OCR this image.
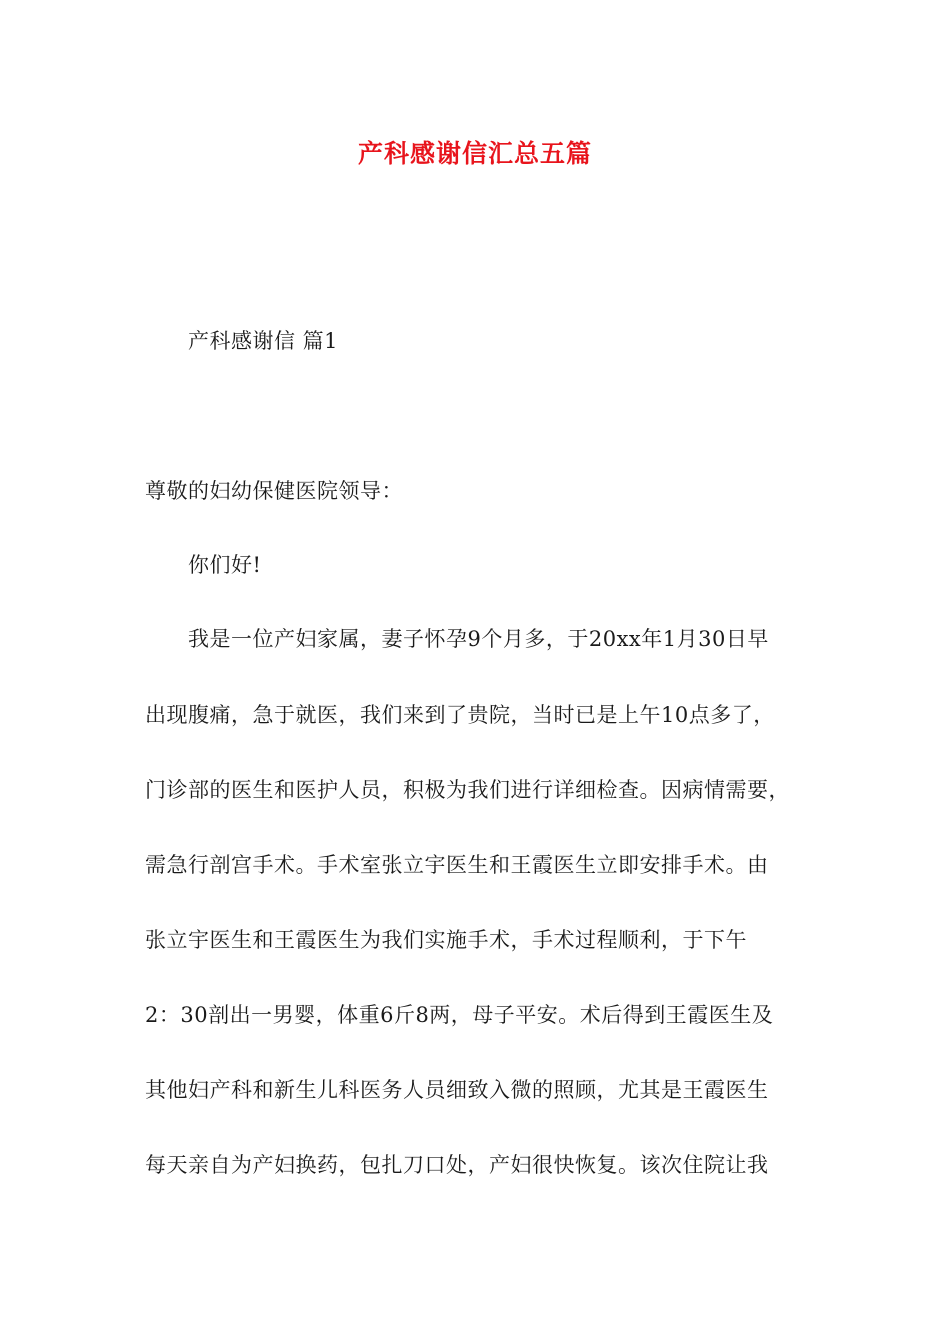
产科感谢信汇总五篇
产科感谢信 篇1
尊敬的妇幼保健医院领导：
你们好!
我是一位产妇家属，妻子怀孕9个月多，于20xx年1月30日早
出现腹痛，急于就医，我们来到了贵院，当时已是上午10点多了，
门诊部的医生和医护人员，积极为我们进行详细检查。因病情需要，
需急行剖宫手术。手术室张立宇医生和王霞医生立即安排手术。由
张立宇医生和王霞医生为我们实施手术，手术过程顺利，于下午
2：30剖出一男婴，体重6斤8两，母子平安。术后得到王霞医生及
其他妇产科和新生儿科医务人员细致入微的照顾，尤其是王霞医生
每天亲自为产妇换药，包扎刀口处，产妇很快恢复。该次住院让我
